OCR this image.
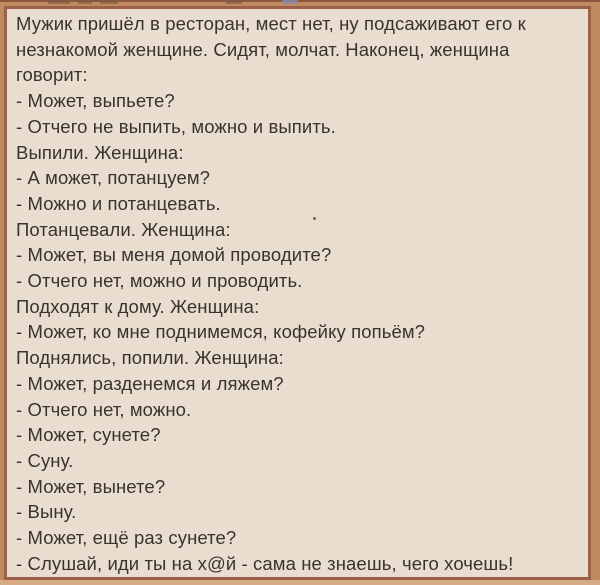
Мужик пришёл в ресторан, мест нет, ну подсаживают его к

незнакомой женщине. Сидят, молчат. Наконец, женщина

говорит:

- Может, выпьете?

- Отчего не выпить, можно и выпить.

Выпили. Женщина:

- А может, потанцуем?

- Можно и потанцевать.

Потанцевали. Женщина:

- Может, вы меня домой проводите?

- Отчего нет, можно и проводить.

Подходят к дому. Женщина:

- Может, ко мне поднимемся, кофейку попьём?

Поднялись, попили. Женщина:

- Может, разденемся и ляжем?

- Отчего нет, можно.

- Может, сунете?

- Суну.

- Может, вынете?

- Выну.

- Может, ещё раз сунете?

- Слушай, иди ты на х@й - сама не знаешь, чего хочешь!
